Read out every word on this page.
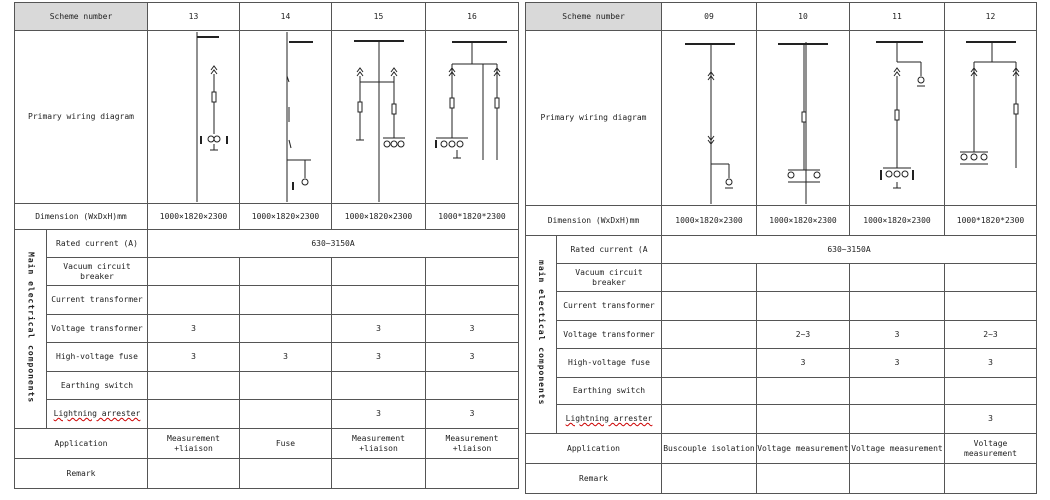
Scheme number		13	14	15	16
Primary wiring diagram	

Dimension (WxDxH)mm		1000×1820×2300	1000×1820×2300	1000×1820×2300	1000*1820*2300
Main electrical components	Rated current (A)	630~3150A			
	Vacuum circuit breaker				
	Current transformer				
	Voltage transformer	3		3	3
	High-voltage fuse	3	3	3	3
	Earthing switch				
	Lightning arrester			3	3
Application		Measurement +liaison	Fuse	Measurement +liaison	Measurement +liaison
Remark					
Scheme number		09	10	11	12
Primary wiring diagram	

Dimension (WxDxH)mm		1000×1820×2300	1000×1820×2300	1000×1820×2300	1000*1820*2300
main electical components	Rated current (A	630~3150A			
	Vacuum circuit breaker				
	Current transformer				
	Voltage transformer		2~3	3	2~3
	High-voltage fuse		3	3	3
	Earthing switch				
	Lightning arrester				3
Application		Buscouple isolation	Voltage measurement	Voltage measurement	Voltage measurement
Remark					
